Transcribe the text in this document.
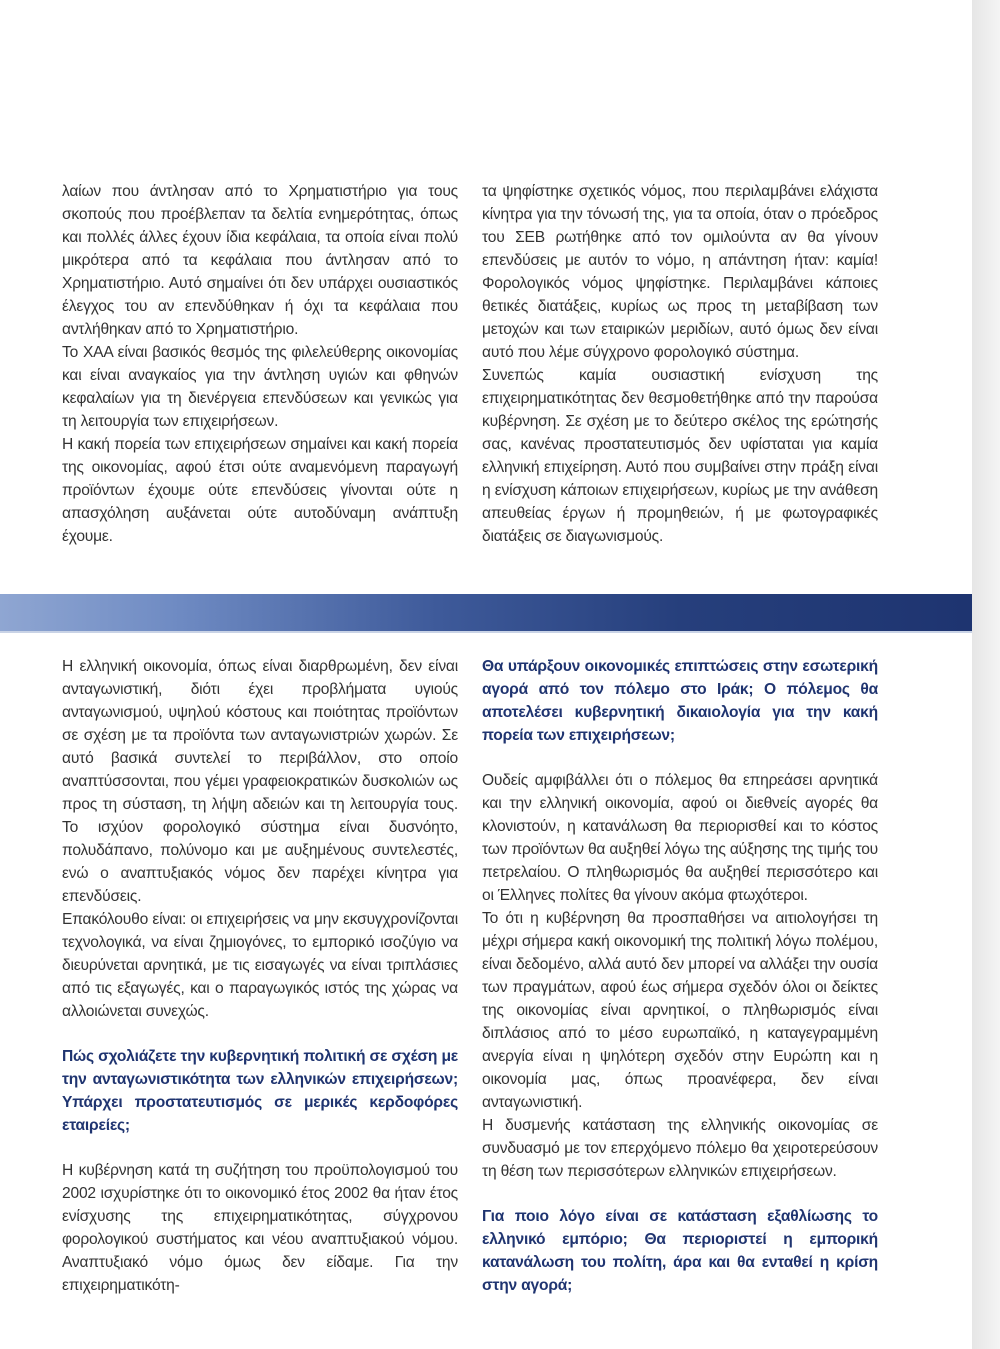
λαίων που άντλησαν από το Χρηματιστήριο για τους σκοπούς που προέβλεπαν τα δελτία ενημερότητας, όπως και πολλές άλλες έχουν ίδια κεφάλαια, τα οποία είναι πολύ μικρότερα από τα κεφάλαια που άντλησαν από το Χρηματιστήριο. Αυτό σημαίνει ότι δεν υπάρχει ουσιαστικός έλεγχος του αν επενδύθηκαν ή όχι τα κεφάλαια που αντλήθηκαν από το Χρηματιστήριο.

Το ΧΑΑ είναι βασικός θεσμός της φιλελεύθερης οικονομίας και είναι αναγκαίος για την άντληση υγιών και φθηνών κεφαλαίων για τη διενέργεια επενδύσεων και γενικώς για τη λειτουργία των επιχειρήσεων.

Η κακή πορεία των επιχειρήσεων σημαίνει και κακή πορεία της οικονομίας, αφού έτσι ούτε αναμενόμενη παραγωγή προϊόντων έχουμε ούτε επενδύσεις γίνονται ούτε η απασχόληση αυξάνεται ούτε αυτοδύναμη ανάπτυξη έχουμε.

τα ψηφίστηκε σχετικός νόμος, που περιλαμβάνει ελάχιστα κίνητρα για την τόνωσή της, για τα οποία, όταν ο πρόεδρος του ΣΕΒ ρωτήθηκε από τον ομιλούντα αν θα γίνουν επενδύσεις με αυτόν το νόμο, η απάντηση ήταν: καμία! Φορολογικός νόμος ψηφίστηκε. Περιλαμβάνει κάποιες θετικές διατάξεις, κυρίως ως προς τη μεταβίβαση των μετοχών και των εταιρικών μεριδίων, αυτό όμως δεν είναι αυτό που λέμε σύγχρονο φορολογικό σύστημα.

Συνεπώς καμία ουσιαστική ενίσχυση της επιχειρηματικότητας δεν θεσμοθετήθηκε από την παρούσα κυβέρνηση. Σε σχέση με το δεύτερο σκέλος της ερώτησής σας, κανένας προστατευτισμός δεν υφίσταται για καμία ελληνική επιχείρηση. Αυτό που συμβαίνει στην πράξη είναι η ενίσχυση κάποιων επιχειρήσεων, κυρίως με την ανάθεση απευθείας έργων ή προμηθειών, ή με φωτογραφικές διατάξεις σε διαγωνισμούς.

Η ελληνική οικονομία, όπως είναι διαρθρωμένη, δεν είναι ανταγωνιστική, διότι έχει προβλήματα υγιούς ανταγωνισμού, υψηλού κόστους και ποιότητας προϊόντων σε σχέση με τα προϊόντα των ανταγωνιστριών χωρών. Σε αυτό βασικά συντελεί το περιβάλλον, στο οποίο αναπτύσσονται, που γέμει γραφειοκρατικών δυσκολιών ως προς τη σύσταση, τη λήψη αδειών και τη λειτουργία τους. Το ισχύον φορολογικό σύστημα είναι δυσνόητο, πολυδάπανο, πολύνομο και με αυξημένους συντελεστές, ενώ ο αναπτυξιακός νόμος δεν παρέχει κίνητρα για επενδύσεις.

Επακόλουθο είναι: οι επιχειρήσεις να μην εκσυγχρονίζονται τεχνολογικά, να είναι ζημιογόνες, το εμπορικό ισοζύγιο να διευρύνεται αρνητικά, με τις εισαγωγές να είναι τριπλάσιες από τις εξαγωγές, και ο παραγωγικός ιστός της χώρας να αλλοιώνεται συνεχώς.

Πώς σχολιάζετε την κυβερνητική πολιτική σε σχέση με την ανταγωνιστικότητα των ελληνικών επιχειρήσεων; Υπάρχει προστατευτισμός σε μερικές κερδοφόρες εταιρείες;

Η κυβέρνηση κατά τη συζήτηση του προϋπολογισμού του 2002 ισχυρίστηκε ότι το οικονομικό έτος 2002 θα ήταν έτος ενίσχυσης της επιχειρηματικότητας, σύγχρονου φορολογικού συστήματος και νέου αναπτυξιακού νόμου. Αναπτυξιακό νόμο όμως δεν είδαμε. Για την επιχειρηματικότη-

Θα υπάρξουν οικονομικές επιπτώσεις στην εσωτερική αγορά από τον πόλεμο στο Ιράκ; Ο πόλεμος θα αποτελέσει κυβερνητική δικαιολογία για την κακή πορεία των επιχειρήσεων;

Ουδείς αμφιβάλλει ότι ο πόλεμος θα επηρεάσει αρνητικά και την ελληνική οικονομία, αφού οι διεθνείς αγορές θα κλονιστούν, η κατανάλωση θα περιορισθεί και το κόστος των προϊόντων θα αυξηθεί λόγω της αύξησης της τιμής του πετρελαίου. Ο πληθωρισμός θα αυξηθεί περισσότερο και οι Έλληνες πολίτες θα γίνουν ακόμα φτωχότεροι.

Το ότι η κυβέρνηση θα προσπαθήσει να αιτιολογήσει τη μέχρι σήμερα κακή οικονομική της πολιτική λόγω πολέμου, είναι δεδομένο, αλλά αυτό δεν μπορεί να αλλάξει την ουσία των πραγμάτων, αφού έως σήμερα σχεδόν όλοι οι δείκτες της οικονομίας είναι αρνητικοί, ο πληθωρισμός είναι διπλάσιος από το μέσο ευρωπαϊκό, η καταγεγραμμένη ανεργία είναι η ψηλότερη σχεδόν στην Ευρώπη και η οικονομία μας, όπως προανέφερα, δεν είναι ανταγωνιστική.

Η δυσμενής κατάσταση της ελληνικής οικονομίας σε συνδυασμό με τον επερχόμενο πόλεμο θα χειροτερεύσουν τη θέση των περισσότερων ελληνικών επιχειρήσεων.

Για ποιο λόγο είναι σε κατάσταση εξαθλίωσης το ελληνικό εμπόριο; Θα περιοριστεί η εμπορική κατανάλωση του πολίτη, άρα και θα ενταθεί η κρίση στην αγορά;
